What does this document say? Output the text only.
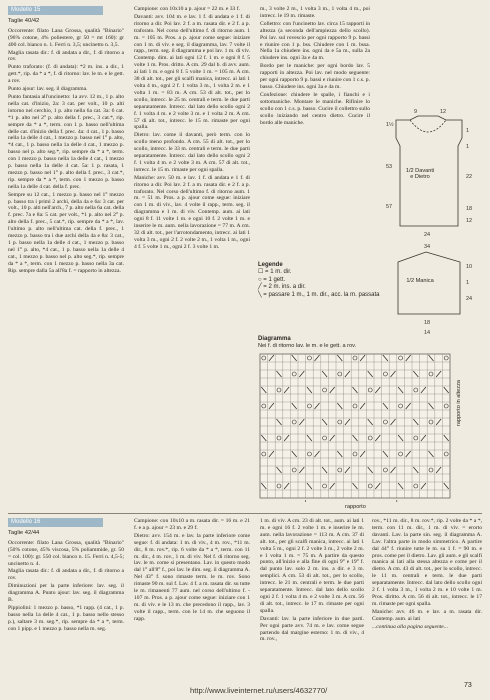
Modello 15
Taglie 40/42

Occorrente: filato Lana Grossa, qualità "Binario" (96% cotone, 4% poliestere, gr 50 = mt 160): gr 400 col. bianco n. 1. Ferri n. 3,5; uncinetto n. 3,5.

Maglia rasata dir.: f. di andata a dir., f. di ritorno a rov.

Punto traforato: (f. di andata): *2 m. ins. a dir., 1 gett.*, rip. da * a *, f. di ritorno: lav. le m. e le gett. a rov.

Punto ajour: lav. seg. il diagramma.

Punto fantasia all'uncinetto: 1a avv. 12 m., 1 p. alto nella cat. d'inizio, 2a: 3 cat. per volt., 10 p. alti intorno nel cerchio, 1 p. alto nella 6a cat. 3a: 6 cat. *1 p. alto nel 2° p. alto della f. prec., 3 cat.*, rip. sempre da * a *, term. con 1 p. basso nell'ultima delle cat. d'inizio della f. prec. 4a: 4 cat., 1 p. basso nella 1a delle 4 cat., 1 mezzo p. basso nel 1° p. alto, *4 cat., 1 p. basso nella 1a delle 4 cat., 1 mezzo p. basso nel p. alto seg.*, rip. sempre da * a *, term. con 1 mezzo p. basso nella 1a delle 4 cat., 1 mezzo p. basso nella 1a delle 4 cat. 5a: 1 p. rasata, 1 mezzo p. basso nel 1° p. alto della f. prec., 3 cat.*, rip. sempre da * a *, term. con 1 mezzo p. basso nella 1a delle 4 cat. della f. prec.

Sempre su 12 cat., 1 mezzo p. basso nel 1° mezzo p. basso tra i primi 2 archi, della 4a e 6a: 3 cat. per volt., 10 p. alti nell'arch., 7 p. alto nella 6a cat. della f. prec. 7a e 8a: 5 cat. per volt., *1 p. alto nel 2° p. alto della f. prec., 5 cat.*, rip. sempre da * a *, lav. l'ultimo p. alto nell'ultima cat. della f. prec., 1 mezzo p. basso tra i due archi della 4a e 8a: 3 cat., 1 p. basso nella 1a delle 4 cat., 1 mezzo p. basso nel 1° p. alto, *4 cat., 1 p. basso nella 1a delle 4 cat., 1 mezzo p. basso nel p. alto seg.*, rip. sempre da * a *, term. con 1 mezzo p. basso nella 3a cat. Rip. sempre dalla 5a all'8a f. = rapporto in altezza.

Campione: con 10x10 a p. ajour = 22 m. e 33 f.

Davanti: avv. 104 m. e lav. 1 f. di andata e 1 f. di ritorno a dir. Poi lav. 2 f. a m. rasata dir. e 2 f. a p. traforato. Nel corso dell'ultimo f. di ritorno aum. 1 m. = 105 m. Pros. a p. ajour come segue: iniziare con 1 m. di viv. e seg. il diagramma, lav. 7 volte il rapp., term. seg. il diagramma e poi lav. 1 m. di viv. Contemp. dim. ai lati ogni 12 f. 1 m. e ogni 8 f. 5 volte 1 m. Pros. dritto. A cm. 29 dal b. di avv. aum. ai lati 1 m. e ogni 8 f. 5 volte 1 m. = 105 m. A cm. 38 di alt. tot., per gli scalfi manica, intrecc. ai lati 1 volta 4 m., ogni 2 f. 1 volta 3 m., 1 volta 2 m. e 1 volta 1 m. = 83 m. A cm. 53 di alt. tot., per lo scollo, intrecc. le 25 m. centrali e term. le due parti separatamente. Intrecc. dal lato dello scollo ogni 2 f. 1 volta 4 m. e 2 volte 3 m. e 1 volta 2 m. A cm. 57 di alt. tot., intrecc. le 15 m. rimaste per ogni spalla.

Dietro: lav. come il davanti, però term. con lo scollo meno profondo. A cm. 55 di alt. tot., per lo scollo, intrecc. le 33 m. centrali e term. le due parti separatamente. Intrecc. dal lato dello scollo ogni 2 f. 1 volta 4 m. e 2 volte 3 m. A cm. 57 di alt. tot., intrecc. le 15 m. rimaste per ogni spalla.

Maniche: avv. 50 m. e lav. 1 f. di andata e 1 f. di ritorno a dir. Poi lav. 2 f. a m. rasata dir. e 2 f. a p. traforato. Nel corso dell'ultimo f. di ritorno aum. 1 m. = 51 m. Pros. a p. ajour come segue: iniziare con 1 m. di viv., lav. 4 volte il rapp., term. seg. il diagramma e 1 m. di viv. Contemp. aum. ai lati ogni 8 f. 11 volte 1 m. e ogni 10 f. 2 volte 1 m. e inserire le m. aum. nella lavorazione = 77 m. A cm. 32 di alt. tot., per l'arrotondamento, intrecc. ai lati 1 volta 3 m., ogni 2 f. 2 volte 2 m., 1 volta 1 m., ogni 4 f. 5 volte 1 m., ogni 2 f. 3 volte 1 m.

m., 3 volte 2 m., 1 volta 3 m., 1 volta 4 m., poi intrecc. le 19 m. rimaste.

Collettro: con l'uncinetto lav. circa 15 rapporti in altezza (a seconda dell'ampiezza dello scollo). Poi lav. sul rovescio per ogni rapporto 9 p. bassi e riunire con 1 p. bss. Chiudere con 1 m. bssa. Nella 1a chiudere ins. ogni 4a e 5a m., sulla 2a chiudere ins. ogni 3a e 4a m.

Bordo per le maniche: per ogni bordo lav. 5 rapporti in altezza. Poi lav. nel modo seguente: per ogni rapporto 9 p. bassi e riunire con 1 c.s. p. basso. Chiudere ins. ogni 3a e 4a m.

Confezione: chiudere le spalle, i fianchi e i sottomaniche. Montare le maniche. Rifinire lo scollo con 1 c.s. p. basso. Cucire il collettro sullo scollo iniziando nel centro dietro. Cucire il bordo alle maniche.

9	12
1½
1
53
1
22
18
57
12
24
34
10
1
24
18
14
1/2 Davanti e Dietro
1/2 Manica
Legende
☐ = 1 m. dir.
○ = 1 gett.
╱ = 2 m. ins. a dir.
╲ = passare 1 m., 1 m. dir., acc. la m. passata
Diagramma
Nei f. di ritorno lav. le m. e le gett. a rov.
rapporto
rapporto in altezza
Modello 16
Taglie 42/44

Occorrente: filato Lana Grossa, qualità "Binario" (50% cotone, 45% viscosa, 5% poliammide, gr. 50 = col. 100): gr. 550 col. bianco n. 15. Ferri n. 4,5-5; uncinetto n. 4.

Maglia rasata dir.: f. di andata a dir., f. di ritorno a rov.

Diminuzioni per la parte inferiore: lav. seg. il diagramma A. Punto ajour: lav. seg. il diagramma B.

Pippiolini: 1 mezzo p. basso, *1 rapp. (4 cat., 1 p. basso nella 1a delle 4 cat., 1 p. basso nello stesso p.), saltare 3 m. seg.*, rip. sempre da * a *, term. con 1 pipp. e 1 mezzo p. basso nella m. seg.

Campione: con 10x10 a m. rasata dir. = 16 m. e 21 f. e a p. ajour = 23 m. e 29 f.

Dietro: avv. 154 m. e lav. la parte inferiore come segue: f. di andata: 1 m. di viv., 4 m. rov., *11 m. dir., 8 m. rov.*, rip. 6 volte da * a *, term. con 11 m. dir., 4 m. rov., 1 m. di viv. Nel f. di ritorno seg. lav. le m. come si presentano. Lav. in questo modo dal 1° all'8° f., poi lav. le dim. seg. il diagramma A. Nel 43° f. sono rimaste term. le m. rov. Sono rimaste 90 m. sul f. Lav. 4 f. a m. rasata dir. su tutte le m. rimanenti 77 aum. nel corso dell'ultimo f. - 107 m. Pros. a p. ajour come segue: iniziare con 1 m. di viv. e le 13 m. che precedono il rapp., lav. 3 volte il rapp., term. con le 14 m. che seguono il rapp.

1 m. di viv. A cm. 23 di alt. tot., aum. ai lati 1 m. e ogni 16 f. 2 volte 1 m. e inserire le m. aum. nella lavorazione = 113 m. A cm. 37 di alt. tot., per gli scalfi manica, intrecc. ai lati 1 volta 5 m., ogni 2 f. 2 volte 3 m., 2 volte 2 m. e 1 volta 1 m. = 75 m. A partire da questo punto, all'inizio e alla fine di ogni 9° e 19° f. dal punto lav. solo 2 m. ins. a dir. e 3 m. semplici. A cm. 53 di alt. tot., per lo scollo, intrecc. le 21 m. centrali e term. le due parti separatamente. Intrecc. dal lato dello scollo ogni 2 f. 1 volta 4 m. e 2 volte 3 m. A cm. 56 di alt. tot., intrecc. le 17 m. rimaste per ogni spalla.

Davanti: lav. la parte inferiore in due parti. Per ogni parte avv. 74 m. e lav. come segue partendo dal margine esterno: 1 m. di viv., 4 m. rov.,

rov., *11 m. dir., 8 m. rov.*, rip. 2 volte da * a *, term. con 11 m. dir., 1 m. di viv. = erorto davanti. Lav. la parte sin. seg. il diagramma A. Lav. l'altra parte in modo simmetrico. A partire dal 44° f. riunire tutte le m. su 1 f. = 90 m. e pros. come per il dietro. Lav. gli aum. e gli scalfi manica ai lati alla stessa altezza e come per il dietro. A cm. 43 di alt. tot., per lo scollo, intrecc. le 11 m. centrali e term. le due parti separatamente. Intrecc. dal lato dello scollo ogni 2 f. 1 volta 3 m., 1 volta 2 m. e 10 volte 1 m. Pros. diritto. A cm. 56 di alt. tot., intrecc. le 17 m. rimaste per ogni spalla.

Maniche: avv. 46 m. e lav. a m. rasata dir. Contemp. aum. ai lati

...continua alla pagina seguente...

http://www.liveinternet.ru/users/4632770/
73
